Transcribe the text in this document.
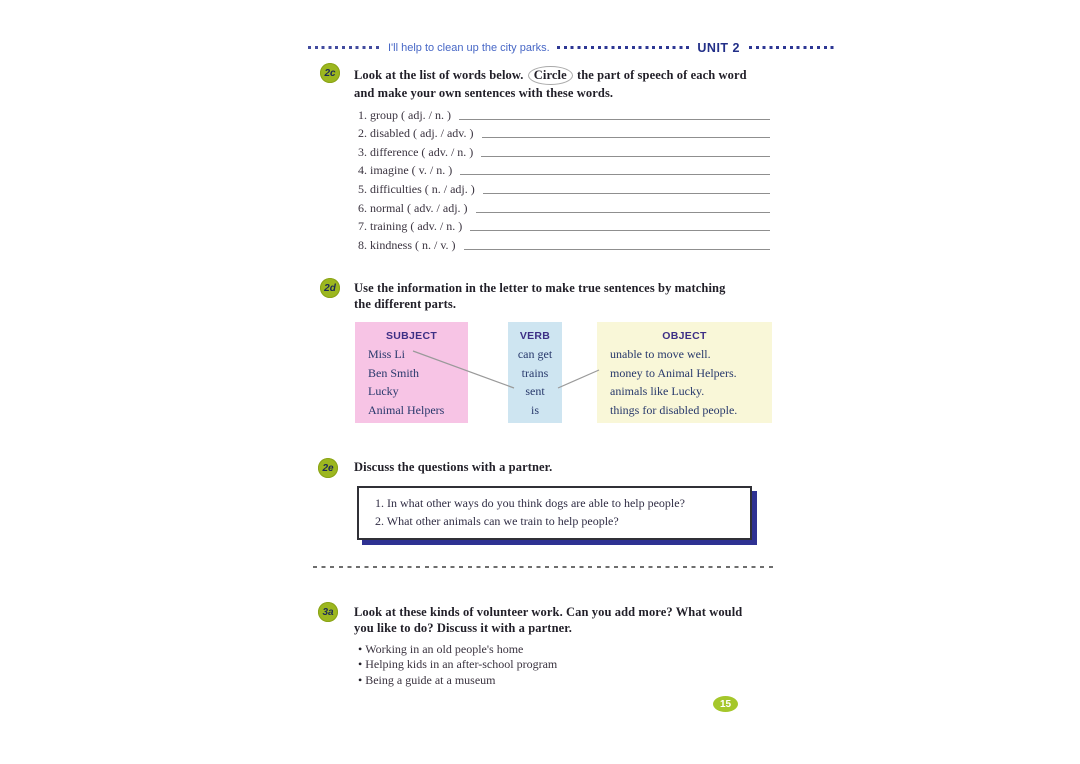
I'll help to clean up the city parks.	UNIT 2
2c Look at the list of words below. Circle the part of speech of each word
and make your own sentences with these words.
1. group ( adj. / n. )
2. disabled ( adj. / adv. )
3. difference ( adv. / n. )
4. imagine ( v. / n. )
5. difficulties ( n. / adj. )
6. normal ( adv. / adj. )
7. training ( adv. / n. )
8. kindness ( n. / v. )
2d Use the information in the letter to make true sentences by matching
the different parts.
SUBJECT
Miss Li
Ben Smith
Lucky
Animal Helpers
VERB
can get
trains
sent
is
OBJECT
unable to move well.
money to Animal Helpers.
animals like Lucky.
things for disabled people.
2e Discuss the questions with a partner.
1. In what other ways do you think dogs are able to help people?
2. What other animals can we train to help people?
3a Look at these kinds of volunteer work. Can you add more? What would
you like to do? Discuss it with a partner.
• Working in an old people's home
• Helping kids in an after-school program
• Being a guide at a museum
15
